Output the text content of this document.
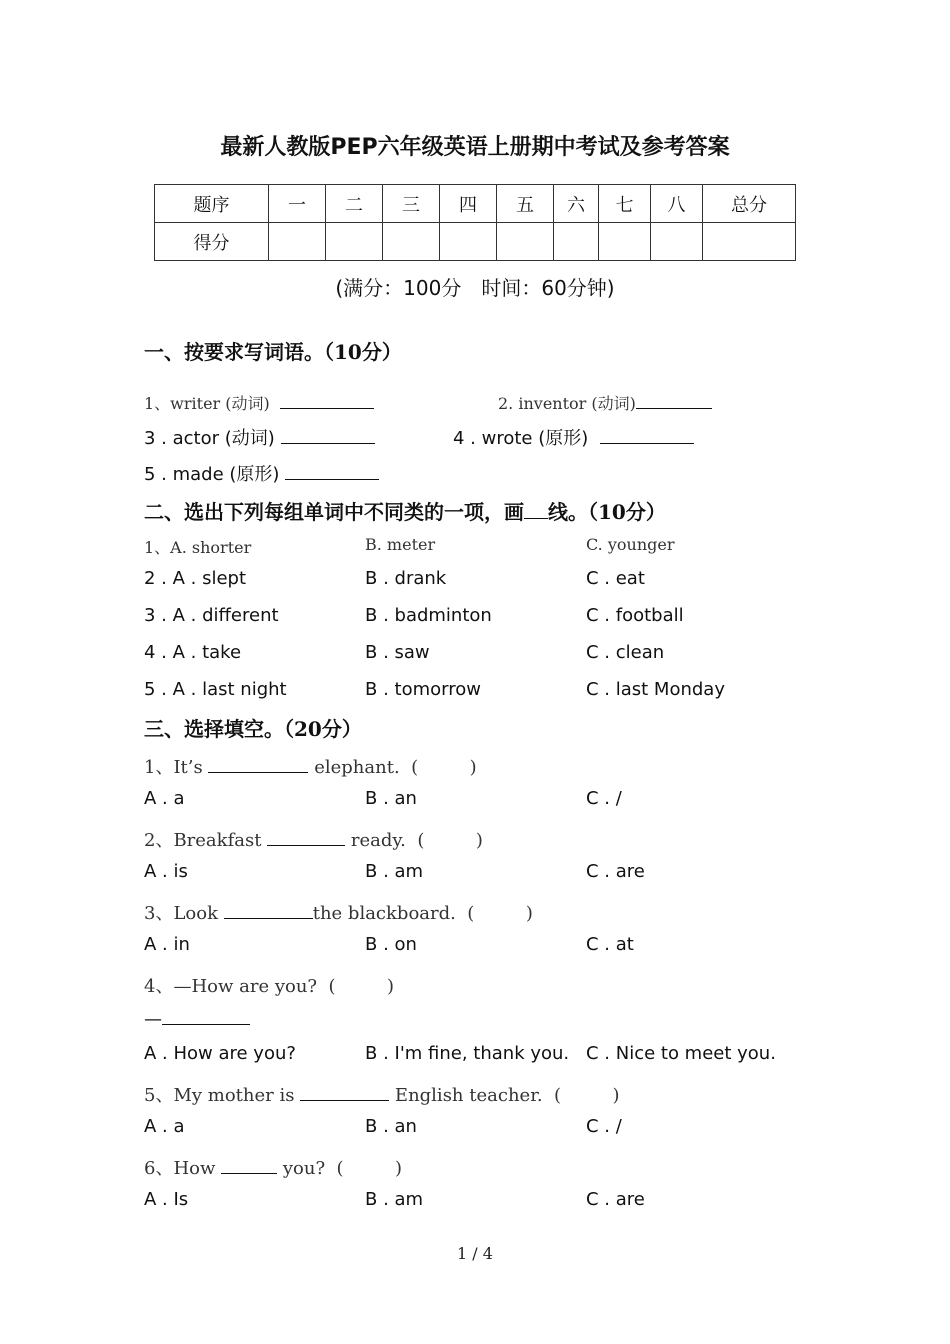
最新人教版PEP六年级英语上册期中考试及参考答案
题序	一	二	三	四	五	六	七	八	总分
得分									
(满分：100分　时间：60分钟)
一、按要求写词语。（10分）

1、writer (动词)

	2. inventor (动词)

3 . actor (动词)

	4 . wrote (原形)

5 . made (原形)

二、选出下列每组单词中不同类的一项，画 线。（10分）

1、A. shorter

	B. meter

	C. younger

2 . A . slept

	B . drank

	C . eat

3 . A . different

	B . badminton

	C . football

4 . A . take

	B . saw

	C . clean

5 . A . last night

	B . tomorrow

	C . last Monday

三、选择填空。（20分）
1、It’s	elephant.  (         )

A . a

	B . an

	C . /

2、Breakfast	ready.  (         )

A . is

	B . am

	C . are

3、Look	the blackboard.  (         )

A . in

	B . on

	C . at

4、—How are you?  (         )
—

A . How are you?

	B . I'm fine, thank you.

C . Nice to meet you.

5、My mother is	English teacher.  (         )

A . a

	B . an

	C . /

6、How	you?  (         )

A . Is

	B . am

	C . are

1 / 4
